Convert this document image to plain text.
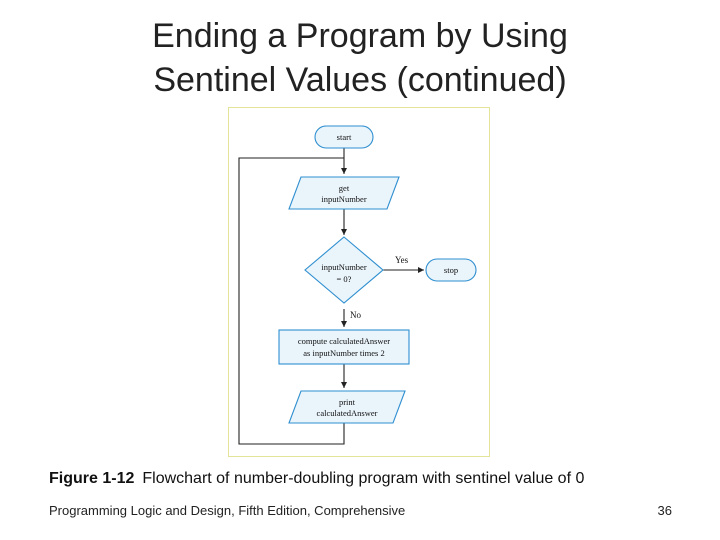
Ending a Program by Using
Sentinel Values (continued)
start
get
inputNumber
inputNumber
= 0?
Yes
No
stop
compute calculatedAnswer
as inputNumber times 2
print
calculatedAnswer
Figure 1-12 Flowchart of number-doubling program with sentinel value of 0
Programming Logic and Design, Fifth Edition, Comprehensive	36
